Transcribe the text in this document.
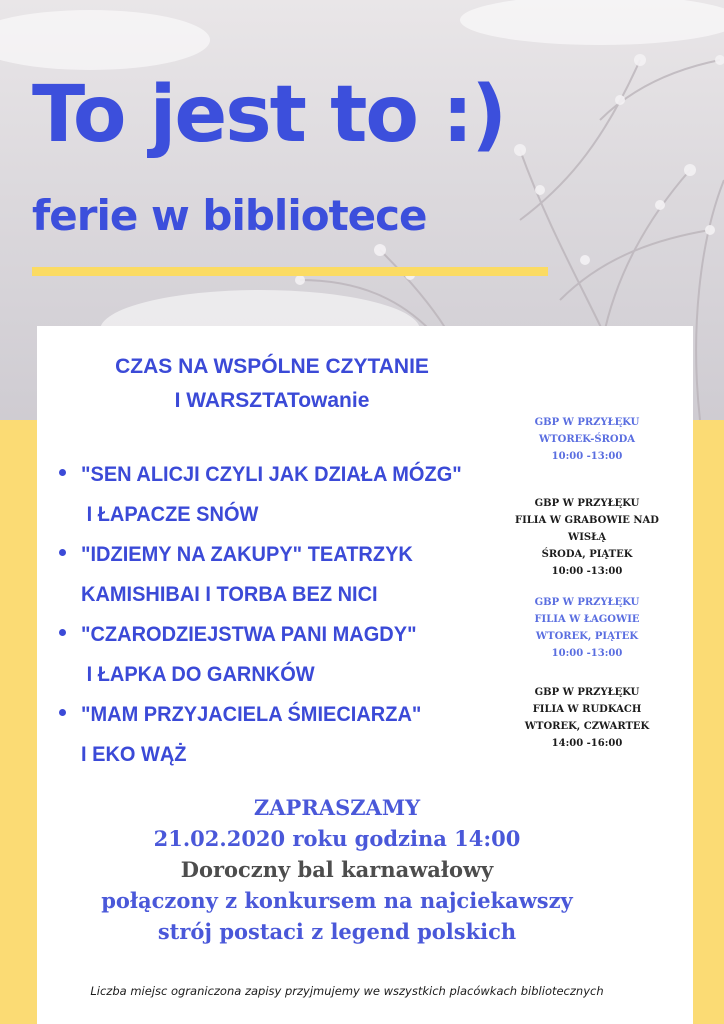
To jest to :)
ferie w bibliotece

CZAS NA WSPÓLNE CZYTANIE
I WARSZTATowanie

"SEN ALICJI CZYLI JAK DZIAŁA MÓZG"
I ŁAPACZE SNÓW
"IDZIEMY NA ZAKUPY" TEATRZYK
KAMISHIBAI I TORBA BEZ NICI
"CZARODZIEJSTWA PANI MAGDY"
I ŁAPKA DO GARNKÓW
"MAM PRZYJACIELA ŚMIECIARZA"
I EKO WĄŻ
GBP W PRZYŁĘKU
WTOREK-ŚRODA
10:00 -13:00
GBP W PRZYŁĘKU
FILIA W GRABOWIE NAD
WISŁĄ
ŚRODA, PIĄTEK
10:00 -13:00
GBP W PRZYŁĘKU
FILIA W ŁAGOWIE
WTOREK, PIĄTEK
10:00 -13:00
GBP W PRZYŁĘKU
FILIA W RUDKACH
WTOREK, CZWARTEK
14:00 -16:00

ZAPRASZAMY
21.02.2020 roku godzina 14:00
Doroczny bal karnawałowy
połączony z konkursem na najciekawszy
strój postaci z legend polskich

Liczba miejsc ograniczona zapisy przyjmujemy we wszystkich placówkach bibliotecznych
